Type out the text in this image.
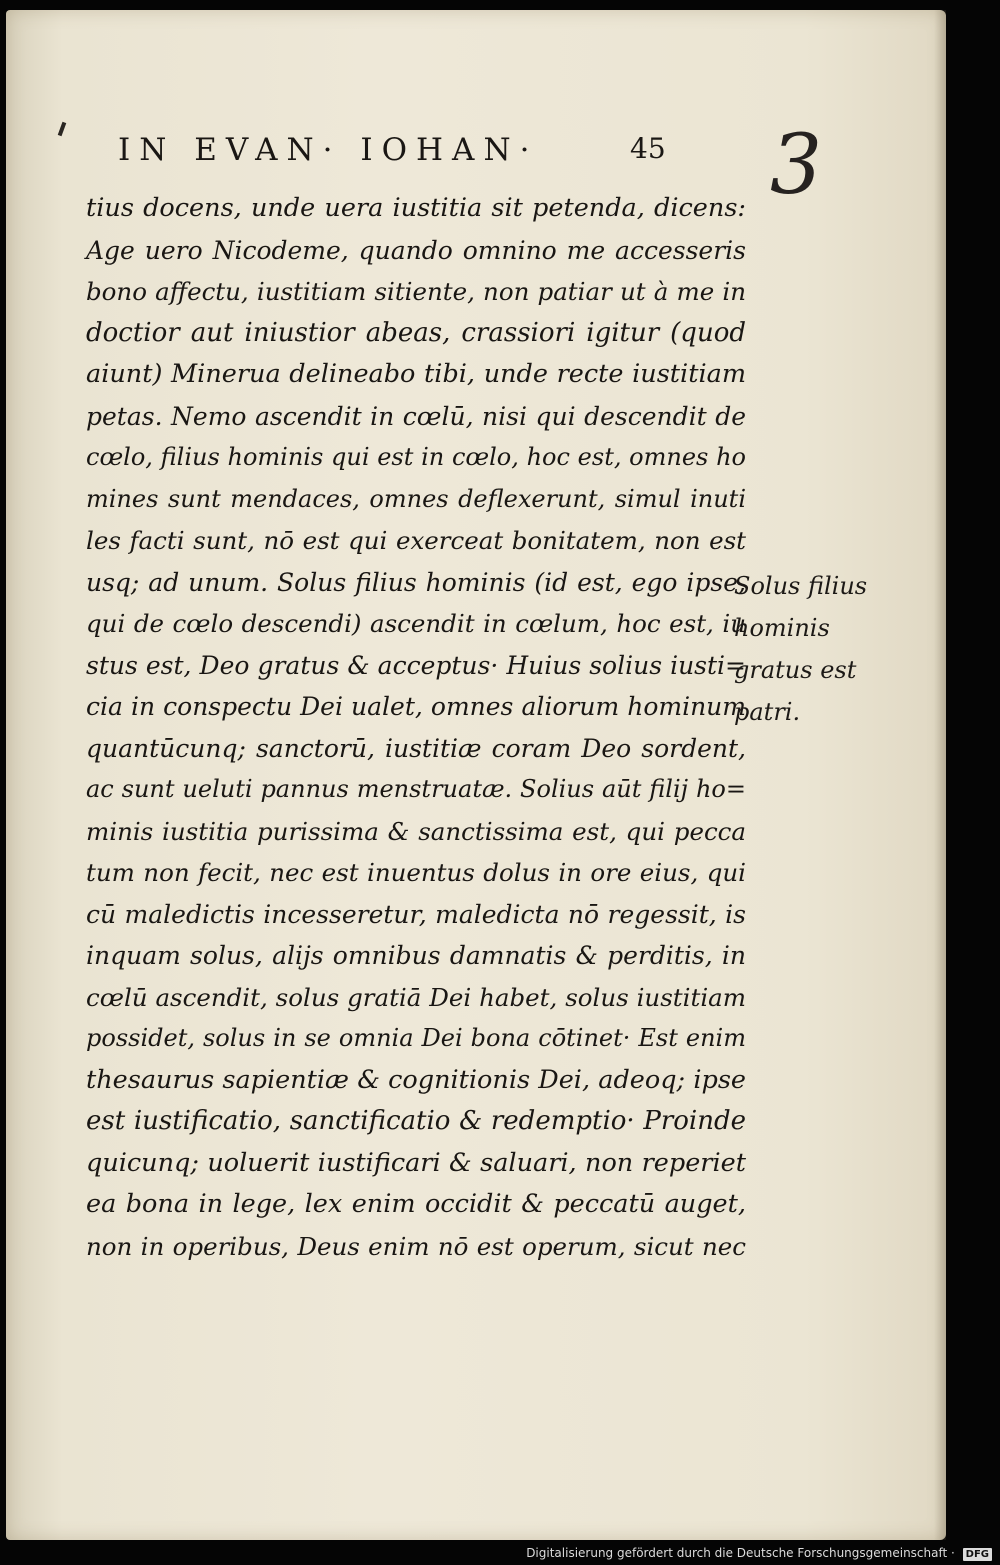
IN EVAN· IOHAN·	45 3
tius docens, unde uera iustitia sit petenda, dicens:
Age uero Nicodeme, quando omnino me accesseris
bono affectu, iustitiam sitiente, non patiar ut à me in
doctior aut iniustior abeas, crassiori igitur (quod
aiunt) Minerua delineabo tibi, unde recte iustitiam
petas. Nemo ascendit in cœlū, nisi qui descendit de
cœlo, filius hominis qui est in cœlo, hoc est, omnes ho
mines sunt mendaces, omnes deflexerunt, simul inuti
les facti sunt, nō est qui exerceat bonitatem, non est
usq; ad unum. Solus filius hominis (id est, ego ipse,
qui de cœlo descendi) ascendit in cœlum, hoc est, iu
stus est, Deo gratus & acceptus· Huius solius iusti=
cia in conspectu Dei ualet, omnes aliorum hominum
quantūcunq; sanctorū, iustitiæ coram Deo sordent,
ac sunt ueluti pannus menstruatæ. Solius aūt filij ho=
minis iustitia purissima & sanctissima est, qui pecca
tum non fecit, nec est inuentus dolus in ore eius, qui
cū maledictis incesseretur, maledicta nō regessit, is
inquam solus, alijs omnibus damnatis & perditis, in
cœlū ascendit, solus gratiā Dei habet, solus iustitiam
possidet, solus in se omnia Dei bona cōtinet· Est enim
thesaurus sapientiæ & cognitionis Dei, adeoq; ipse
est iustificatio, sanctificatio & redemptio· Proinde
quicunq; uoluerit iustificari & saluari, non reperiet
ea bona in lege, lex enim occidit & peccatū auget,
non in operibus, Deus enim nō est operum, sicut nec
Solus filius
hominis
gratus est
patri.
Digitalisierung gefördert durch die Deutsche Forschungsgemeinschaft · DFG
